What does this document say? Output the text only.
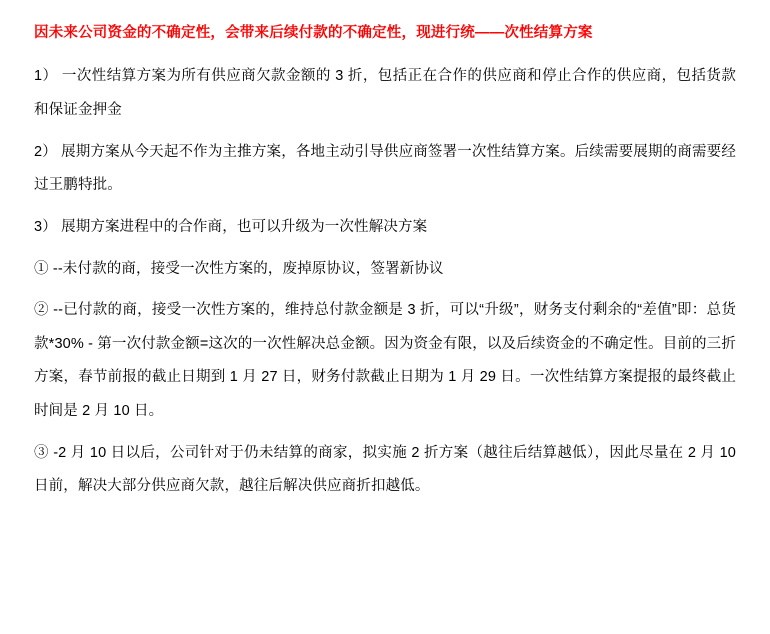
因未来公司资金的不确定性，会带来后续付款的不确定性，现进行统——次性结算方案

1） 一次性结算方案为所有供应商欠款金额的 3 折，包括正在合作的供应商和停止合作的供应商，包括货款和保证金押金

2） 展期方案从今天起不作为主推方案，各地主动引导供应商签署一次性结算方案。后续需要展期的商需要经过王鹏特批。

3） 展期方案进程中的合作商，也可以升级为一次性解决方案

① --未付款的商，接受一次性方案的，废掉原协议，签署新协议

② --已付款的商，接受一次性方案的，维持总付款金额是 3 折，可以“升级”，财务支付剩余的“差值”即：总货款*30% - 第一次付款金额=这次的一次性解决总金额。因为资金有限，以及后续资金的不确定性。目前的三折方案，春节前报的截止日期到 1 月 27 日，财务付款截止日期为 1 月 29 日。一次性结算方案提报的最终截止时间是 2 月 10 日。

③ -2 月 10 日以后，公司针对于仍未结算的商家，拟实施 2 折方案（越往后结算越低），因此尽量在 2 月 10 日前，解决大部分供应商欠款，越往后解决供应商折扣越低。
